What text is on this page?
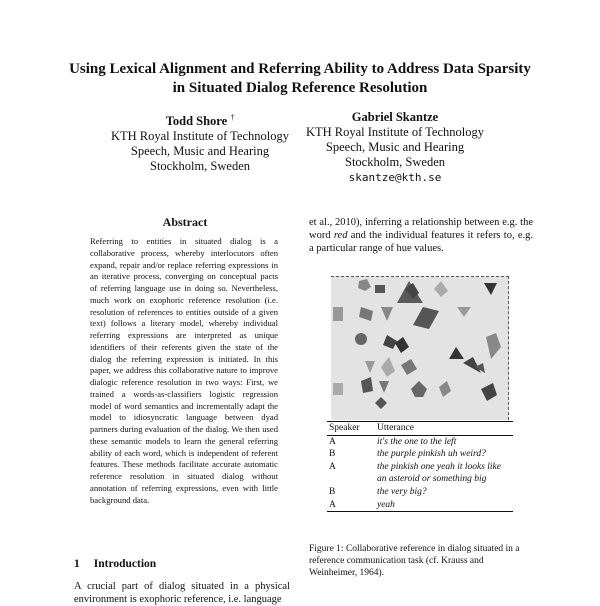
Using Lexical Alignment and Referring Ability to Address Data Sparsity
in Situated Dialog Reference Resolution
Todd Shore †
KTH Royal Institute of Technology
Speech, Music and Hearing
Stockholm, Sweden
Gabriel Skantze
KTH Royal Institute of Technology
Speech, Music and Hearing
Stockholm, Sweden
skantze@kth.se
Abstract
Referring to entities in situated dialog is a collaborative process, whereby interlocutors often expand, repair and/or replace referring expressions in an iterative process, converging on conceptual pacts of referring language use in doing so. Nevertheless, much work on exophoric reference resolution (i.e. resolution of references to entities outside of a given text) follows a literary model, whereby individual referring expressions are interpreted as unique identifiers of their referents given the state of the dialog the referring expression is initiated. In this paper, we address this collaborative nature to improve dialogic reference resolution in two ways: First, we trained a words-as-classifiers logistic regression model of word semantics and incrementally adapt the model to idiosyncratic language between dyad partners during evaluation of the dialog. We then used these semantic models to learn the general referring ability of each word, which is independent of referent features. These methods facilitate accurate automatic reference resolution in situated dialog without annotation of referring expressions, even with little background data.
1 Introduction
A crucial part of dialog situated in a physical environment is exophoric reference, i.e. language
et al., 2010), inferring a relationship between e.g. the word red and the individual features it refers to, e.g. a particular range of hue values.
Speaker	Utterance
A	it's the one to the left
B	the purple pinkish uh weird?
A	the pinkish one yeah it looks like an asteroid or something big
B	the very big?
A	yeah
Figure 1: Collaborative reference in dialog situated in a reference communication task (cf. Krauss and Weinheimer, 1964).
